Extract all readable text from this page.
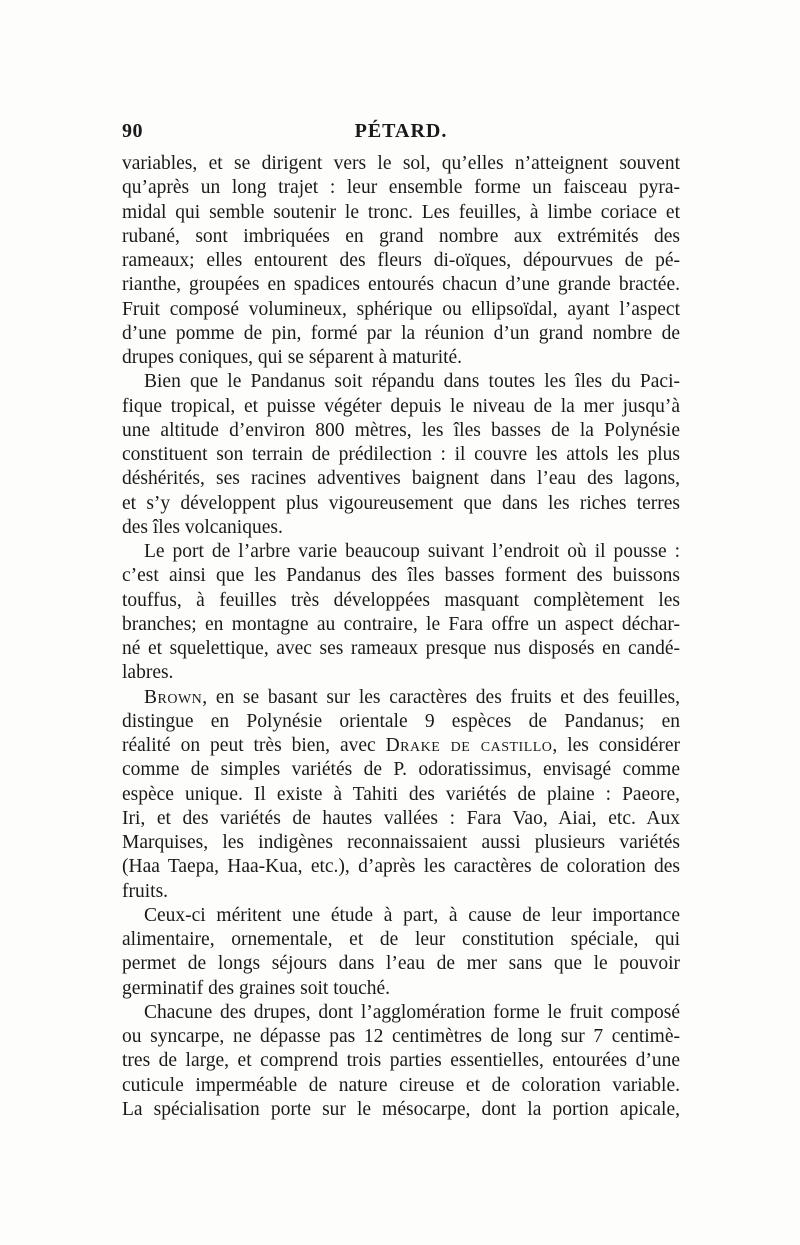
90	PÉTARD.
variables, et se dirigent vers le sol, qu’elles n’atteignent souvent
qu’après un long trajet : leur ensemble forme un faisceau pyra-
midal qui semble soutenir le tronc. Les feuilles, à limbe coriace et
rubané, sont imbriquées en grand nombre aux extrémités des
rameaux; elles entourent des fleurs di-oïques, dépourvues de pé-
rianthe, groupées en spadices entourés chacun d’une grande bractée.
Fruit composé volumineux, sphérique ou ellipsoïdal, ayant l’aspect
d’une pomme de pin, formé par la réunion d’un grand nombre de
drupes coniques, qui se séparent à maturité.
Bien que le Pandanus soit répandu dans toutes les îles du Paci-
fique tropical, et puisse végéter depuis le niveau de la mer jusqu’à
une altitude d’environ 800 mètres, les îles basses de la Polynésie
constituent son terrain de prédilection : il couvre les attols les plus
déshérités, ses racines adventives baignent dans l’eau des lagons,
et s’y développent plus vigoureusement que dans les riches terres
des îles volcaniques.
Le port de l’arbre varie beaucoup suivant l’endroit où il pousse :
c’est ainsi que les Pandanus des îles basses forment des buissons
touffus, à feuilles très développées masquant complètement les
branches; en montagne au contraire, le Fara offre un aspect déchar-
né et squelettique, avec ses rameaux presque nus disposés en candé-
labres.
Brown, en se basant sur les caractères des fruits et des feuilles,
distingue en Polynésie orientale 9 espèces de Pandanus; en
réalité on peut très bien, avec Drake de castillo, les considérer
comme de simples variétés de P. odoratissimus, envisagé comme
espèce unique. Il existe à Tahiti des variétés de plaine : Paeore,
Iri, et des variétés de hautes vallées : Fara Vao, Aiai, etc. Aux
Marquises, les indigènes reconnaissaient aussi plusieurs variétés
(Haa Taepa, Haa-Kua, etc.), d’après les caractères de coloration des
fruits.
Ceux-ci méritent une étude à part, à cause de leur importance
alimentaire, ornementale, et de leur constitution spéciale, qui
permet de longs séjours dans l’eau de mer sans que le pouvoir
germinatif des graines soit touché.
Chacune des drupes, dont l’agglomération forme le fruit composé
ou syncarpe, ne dépasse pas 12 centimètres de long sur 7 centimè-
tres de large, et comprend trois parties essentielles, entourées d’une
cuticule imperméable de nature cireuse et de coloration variable.
La spécialisation porte sur le mésocarpe, dont la portion apicale,
